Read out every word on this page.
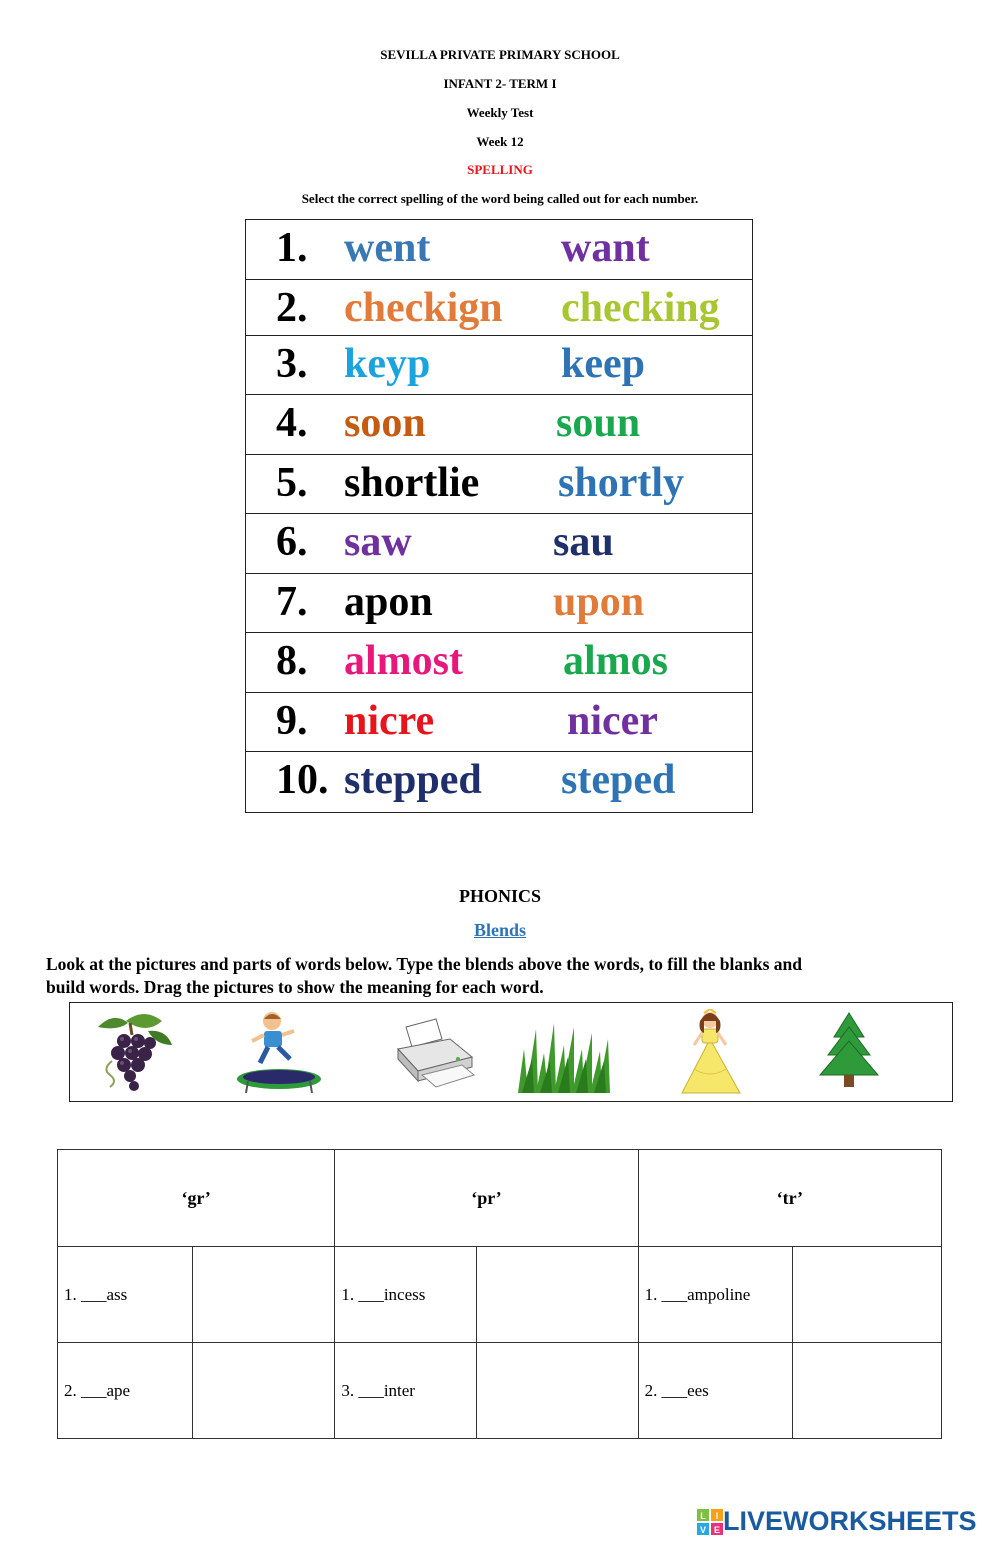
SEVILLA PRIVATE PRIMARY SCHOOL
INFANT 2- TERM I
Weekly Test
Week 12
SPELLING
Select the correct spelling of the word being called out for each number.
1. went	want
2. checkign checking
3. keyp	keep
4. soon	soun
5. shortlie shortly
6. saw	sau
7. apon	upon
8. almost almos
9. nicre	nicer
10. stepped steped
PHONICS
Blends
Look at the pictures and parts of words below. Type the blends above the words, to fill the blanks and
build words. Drag the pictures to show the meaning for each word.
‘gr’		‘pr’		‘tr’	
1. ___ass		1. ___incess		1. ___ampoline	
2. ___ape		3. ___inter		2. ___ees	
L I
V E LIVEWORKSHEETS
